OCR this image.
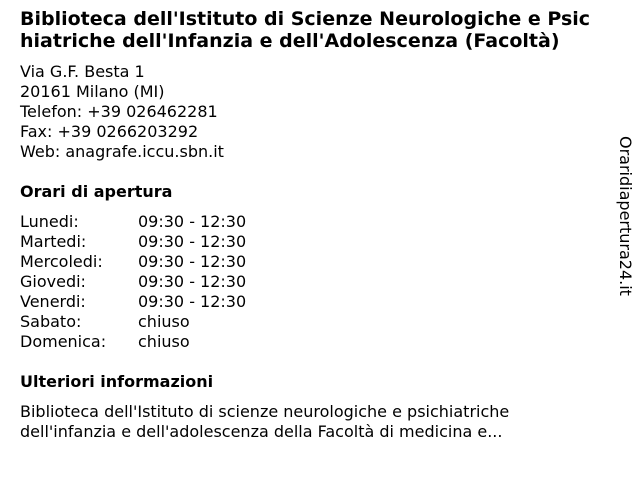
Biblioteca dell'Istituto di Scienze Neurologiche e Psichiatriche dell'Infanzia e dell'Adolescenza (Facoltà)
Via G.F. Besta 1
20161 Milano (MI)
Telefon: +39 026462281
Fax: +39 0266203292
Web: anagrafe.iccu.sbn.it
Orari di apertura
Lunedi:	09:30 - 12:30
Martedi:	09:30 - 12:30
Mercoledi:	09:30 - 12:30
Giovedi:	09:30 - 12:30
Venerdi:	09:30 - 12:30
Sabato:	chiuso
Domenica:	chiuso
Ulteriori informazioni
Biblioteca dell'Istituto di scienze neurologiche e psichiatriche dell'infanzia e dell'adolescenza della Facoltà di medicina e...
Oraridiapertura24.it
